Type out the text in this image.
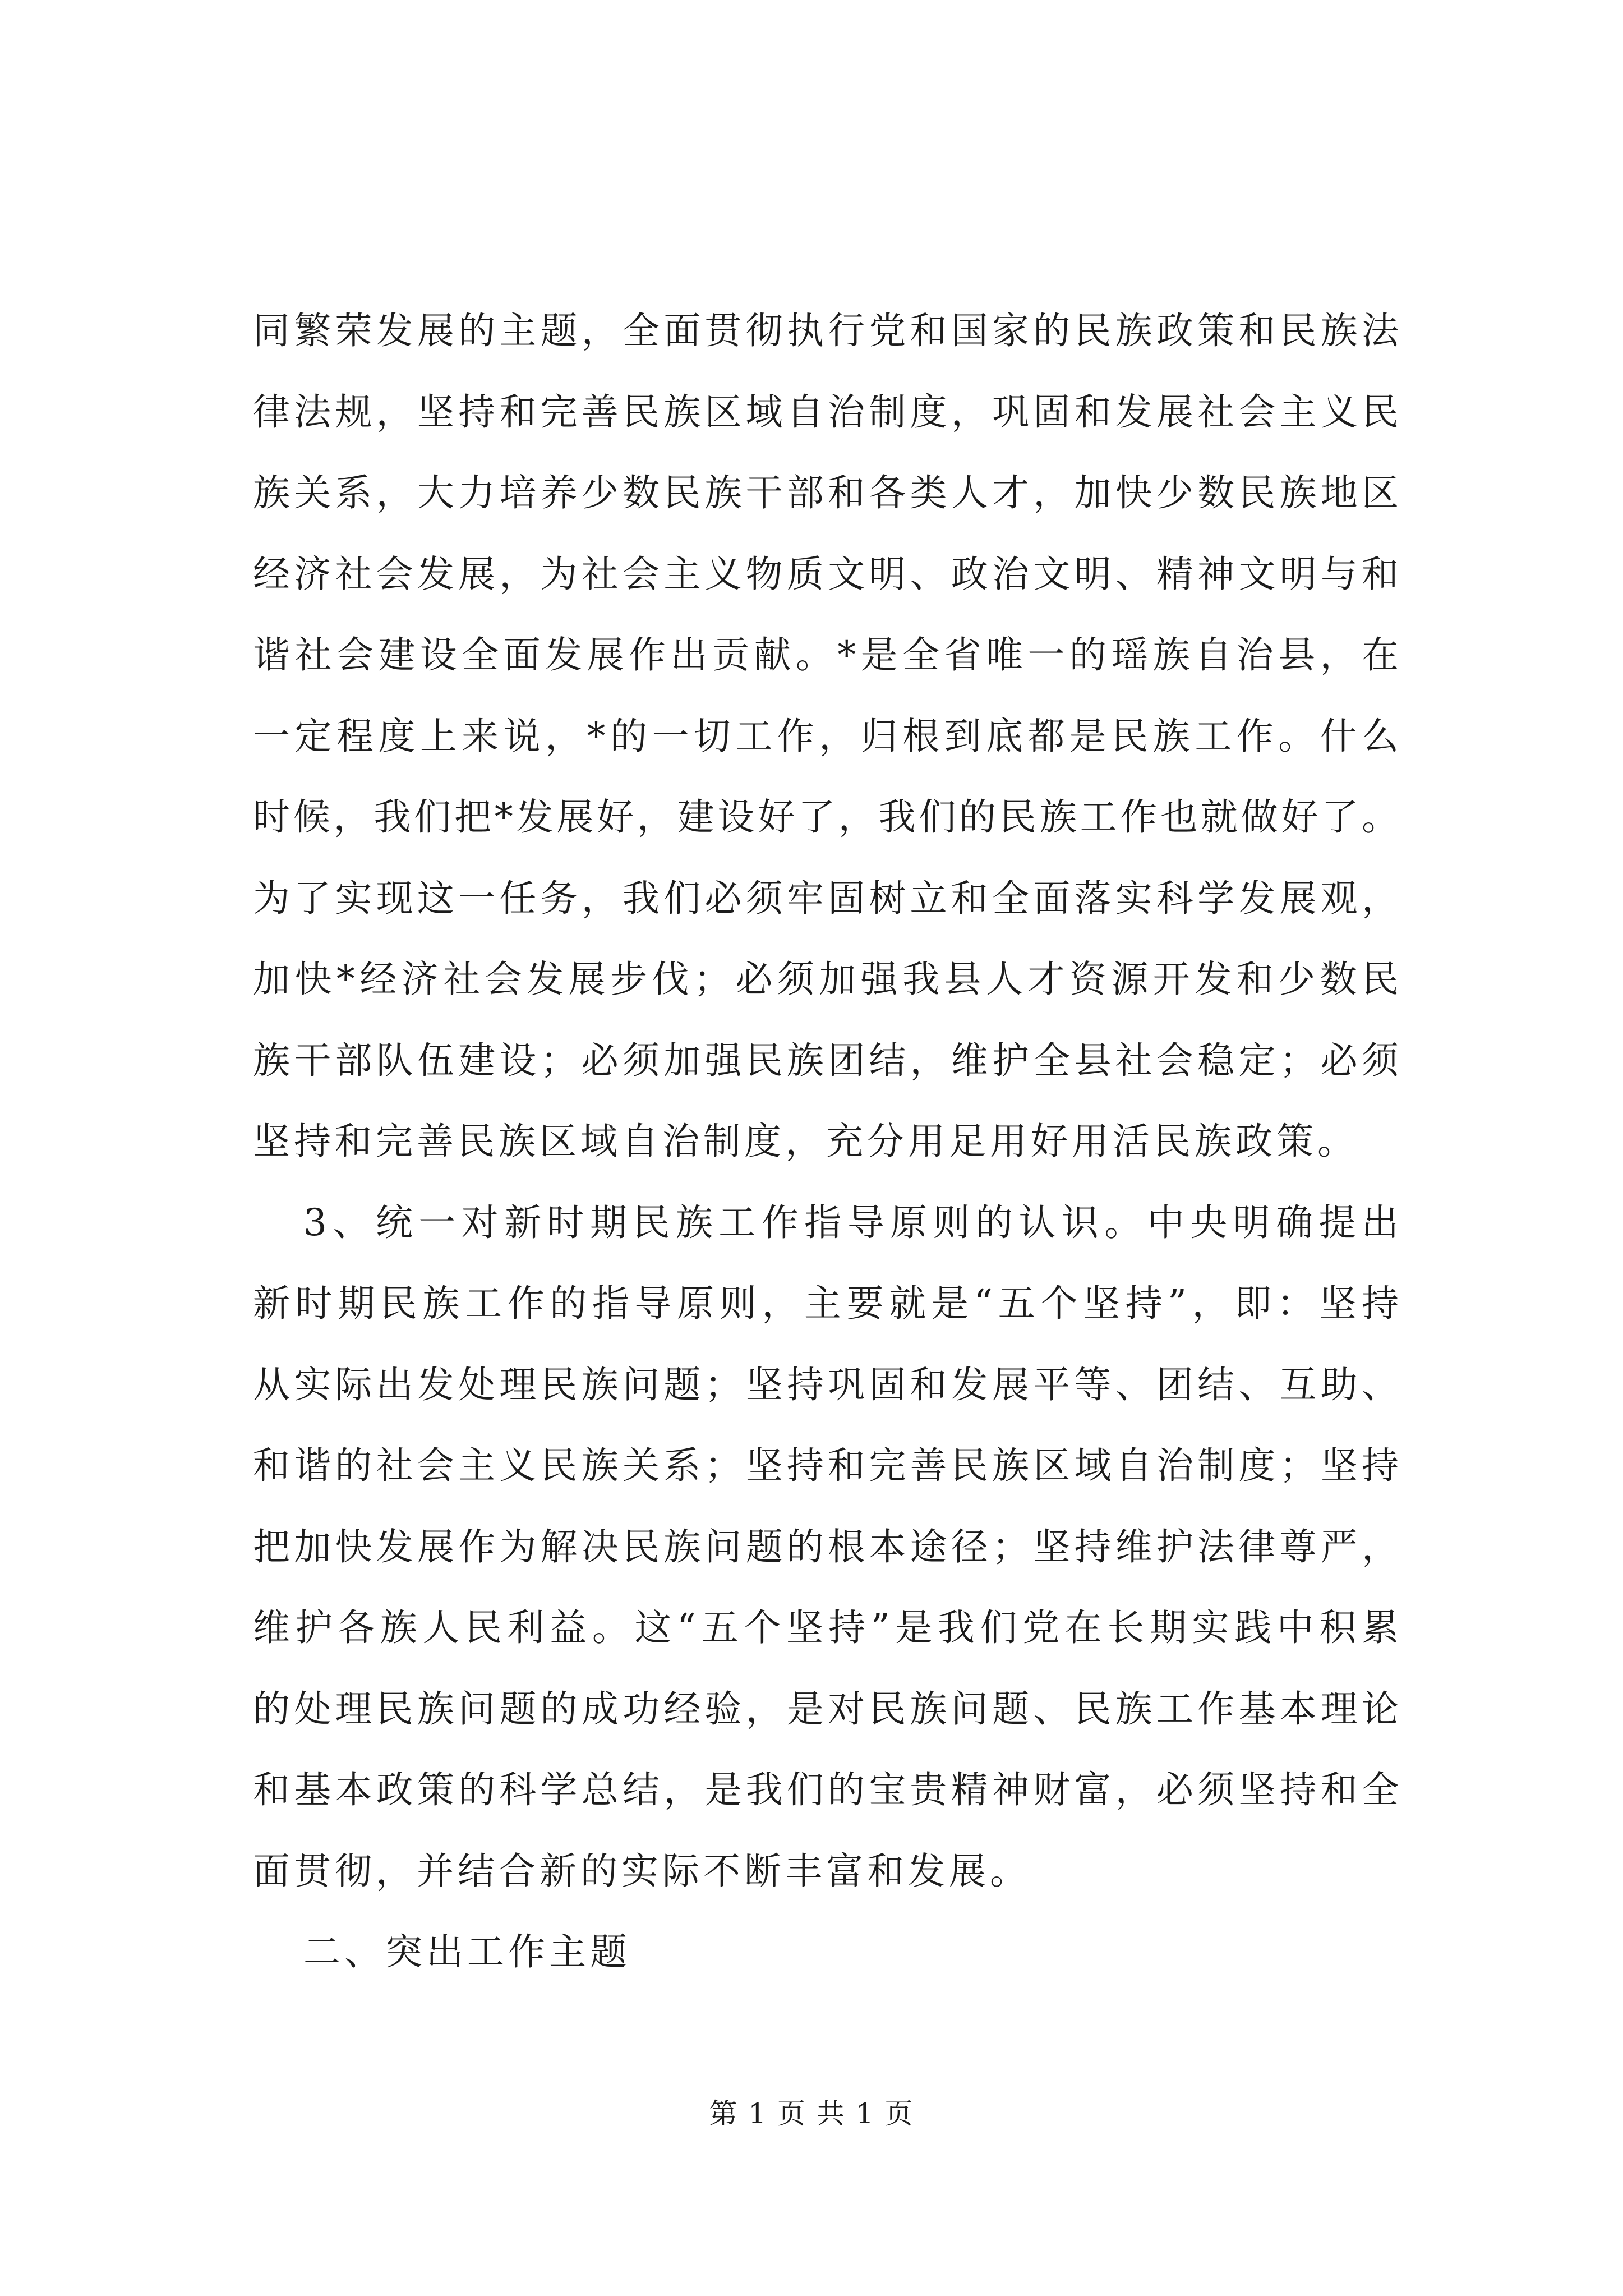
同繁荣发展的主题，全面贯彻执行党和国家的民族政策和民族法
律法规，坚持和完善民族区域自治制度，巩固和发展社会主义民
族关系，大力培养少数民族干部和各类人才，加快少数民族地区
经济社会发展，为社会主义物质文明、政治文明、精神文明与和
谐社会建设全面发展作出贡献。*是全省唯一的瑶族自治县，在
一定程度上来说，*的一切工作，归根到底都是民族工作。什么
时候，我们把*发展好，建设好了，我们的民族工作也就做好了。
为了实现这一任务，我们必须牢固树立和全面落实科学发展观，
加快*经济社会发展步伐；必须加强我县人才资源开发和少数民
族干部队伍建设；必须加强民族团结，维护全县社会稳定；必须
坚持和完善民族区域自治制度，充分用足用好用活民族政策。
3、统一对新时期民族工作指导原则的认识。中央明确提出
新时期民族工作的指导原则，主要就是“五个坚持”，即：坚持
从实际出发处理民族问题；坚持巩固和发展平等、团结、互助、
和谐的社会主义民族关系；坚持和完善民族区域自治制度；坚持
把加快发展作为解决民族问题的根本途径；坚持维护法律尊严，
维护各族人民利益。这“五个坚持”是我们党在长期实践中积累
的处理民族问题的成功经验，是对民族问题、民族工作基本理论
和基本政策的科学总结，是我们的宝贵精神财富，必须坚持和全
面贯彻，并结合新的实际不断丰富和发展。
二、突出工作主题
第 1 页 共 1 页
